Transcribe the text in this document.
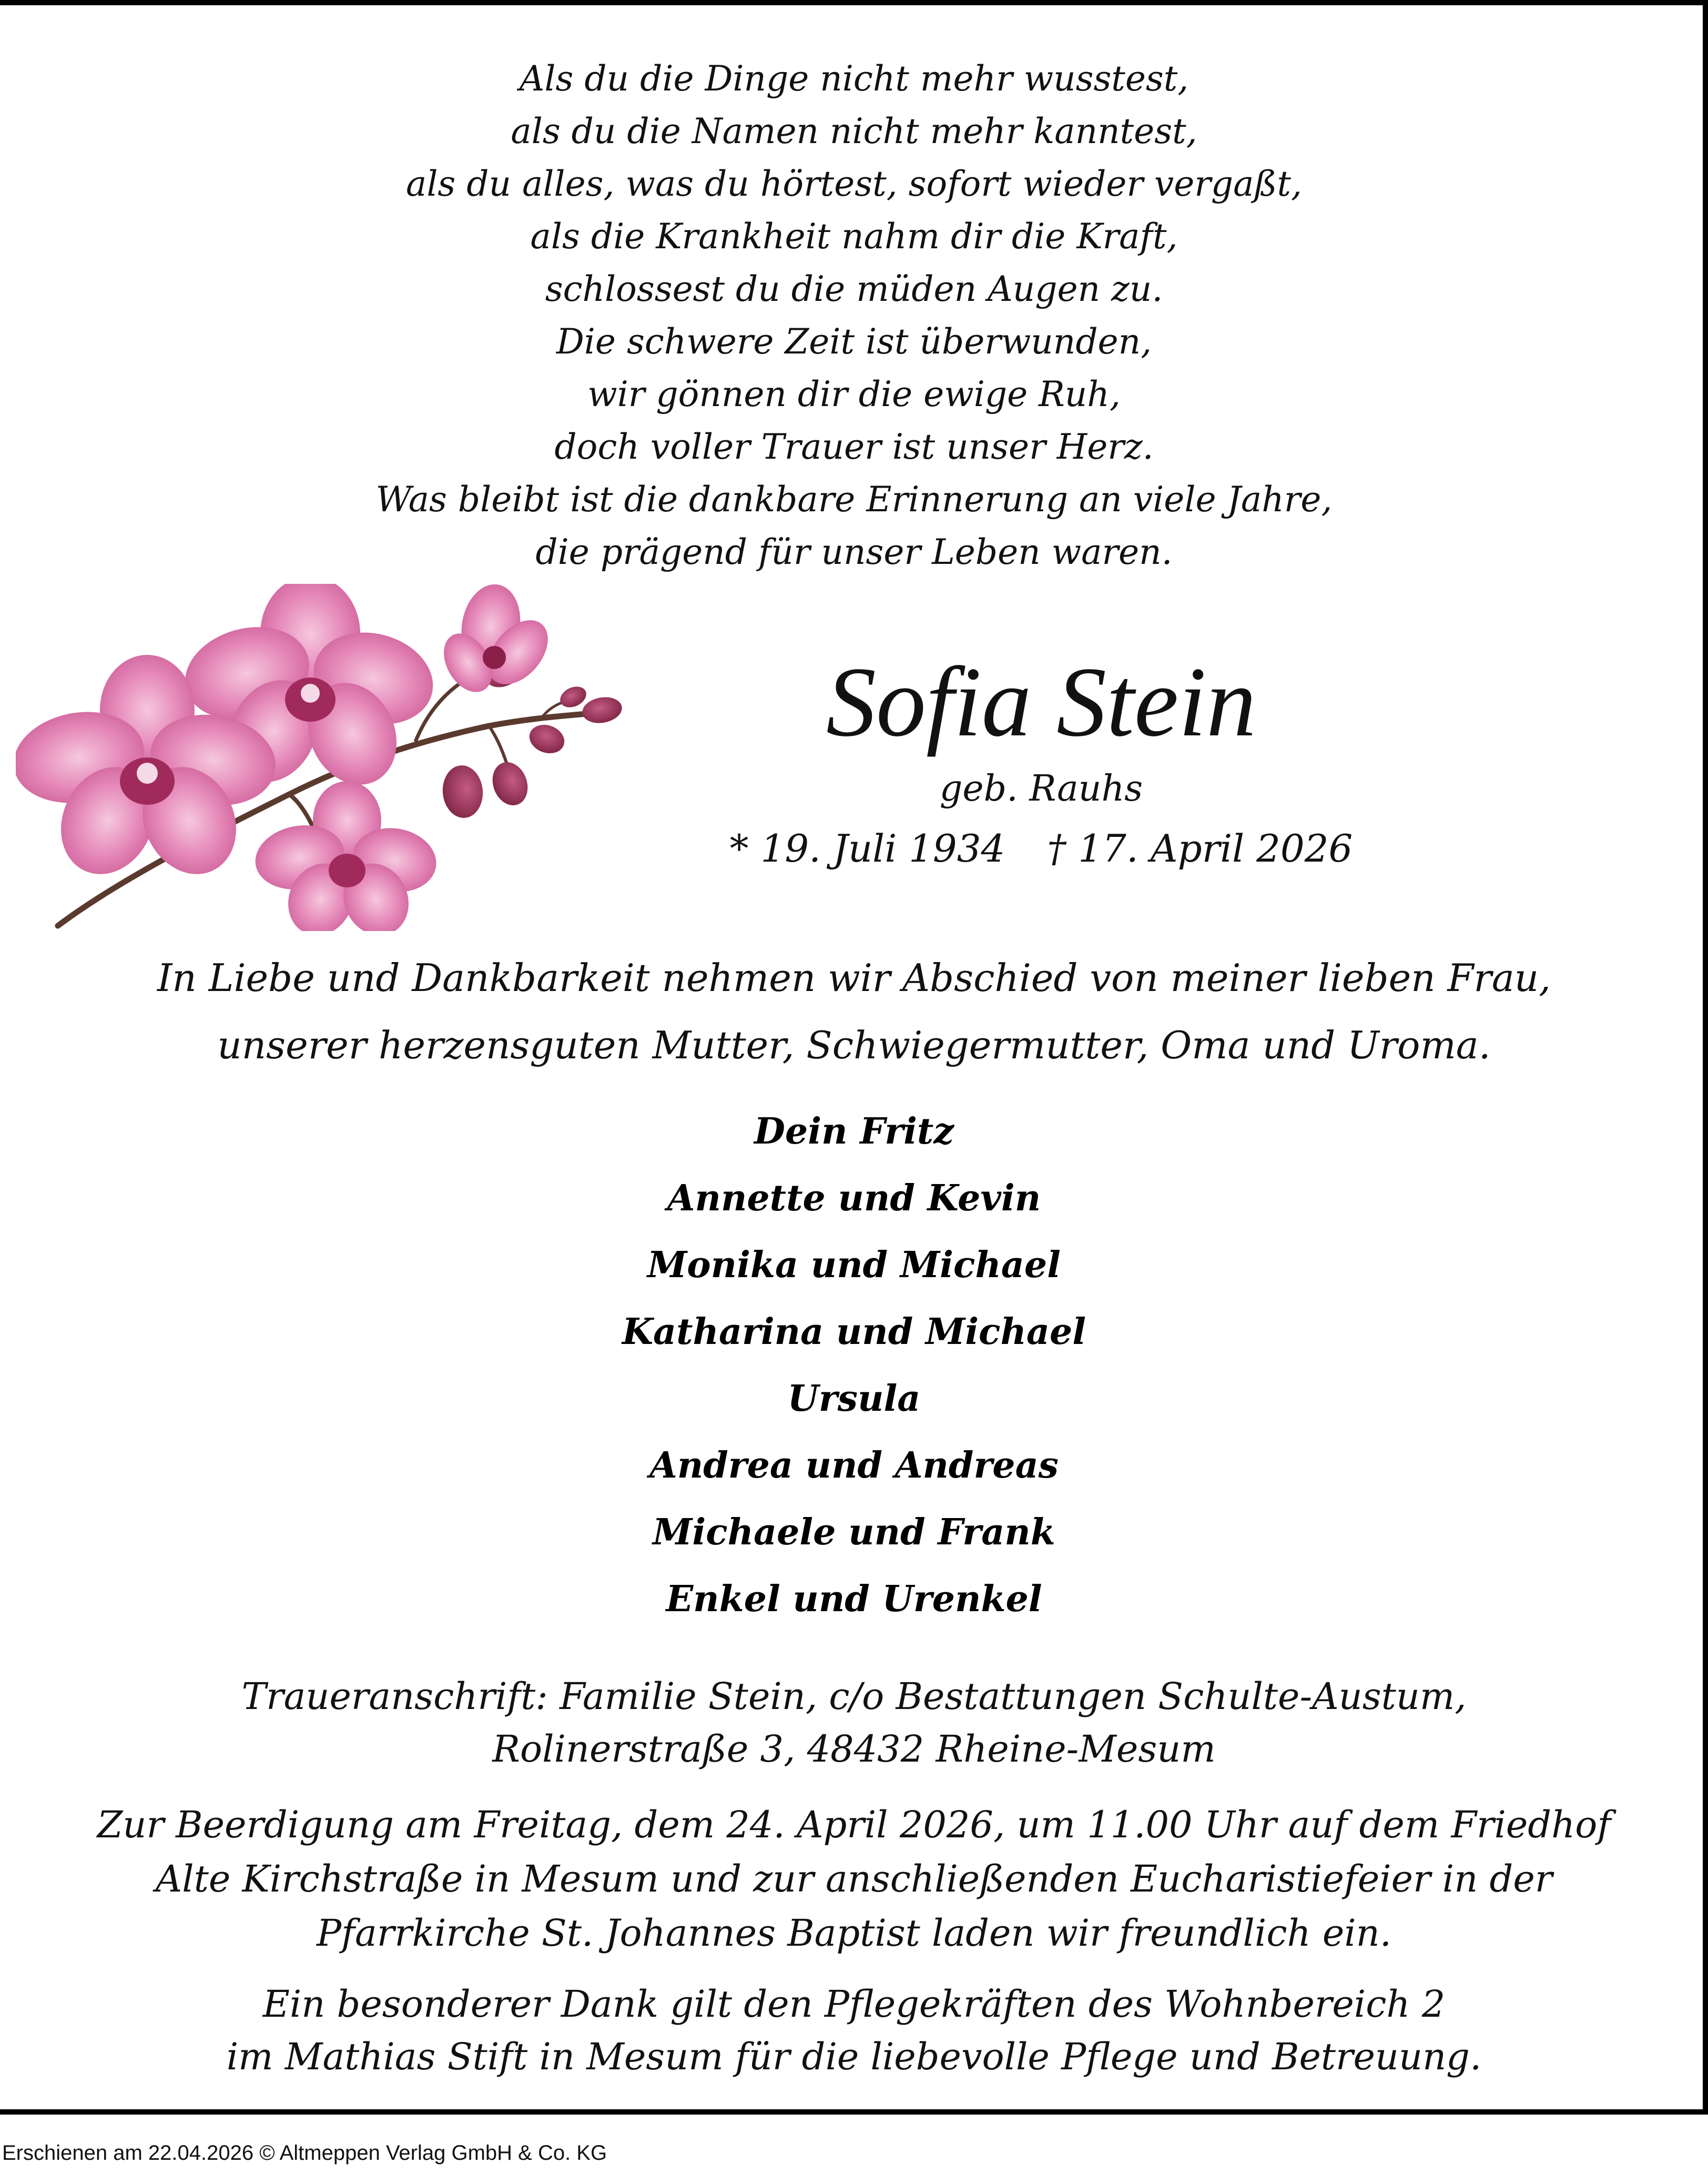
Als du die Dinge nicht mehr wusstest,
als du die Namen nicht mehr kanntest,
als du alles, was du hörtest, sofort wieder vergaßt,
als die Krankheit nahm dir die Kraft,
schlossest du die müden Augen zu.
Die schwere Zeit ist überwunden,
wir gönnen dir die ewige Ruh,
doch voller Trauer ist unser Herz.
Was bleibt ist die dankbare Erinnerung an viele Jahre,
die prägend für unser Leben waren.
Sofia Stein
geb. Rauhs
* 19. Juli 1934 † 17. April 2026
In Liebe und Dankbarkeit nehmen wir Abschied von meiner lieben Frau,
unserer herzensguten Mutter, Schwiegermutter, Oma und Uroma.
Dein Fritz
Annette und Kevin
Monika und Michael
Katharina und Michael
Ursula
Andrea und Andreas
Michaele und Frank
Enkel und Urenkel
Traueranschrift: Familie Stein, c/o Bestattungen Schulte-Austum,
Rolinerstraße 3, 48432 Rheine-Mesum
Zur Beerdigung am Freitag, dem 24. April 2026, um 11.00 Uhr auf dem Friedhof
Alte Kirchstraße in Mesum und zur anschließenden Eucharistiefeier in der
Pfarrkirche St. Johannes Baptist laden wir freundlich ein.
Ein besonderer Dank gilt den Pflegekräften des Wohnbereich 2
im Mathias Stift in Mesum für die liebevolle Pflege und Betreuung.
Erschienen am 22.04.2026 © Altmeppen Verlag GmbH & Co. KG
